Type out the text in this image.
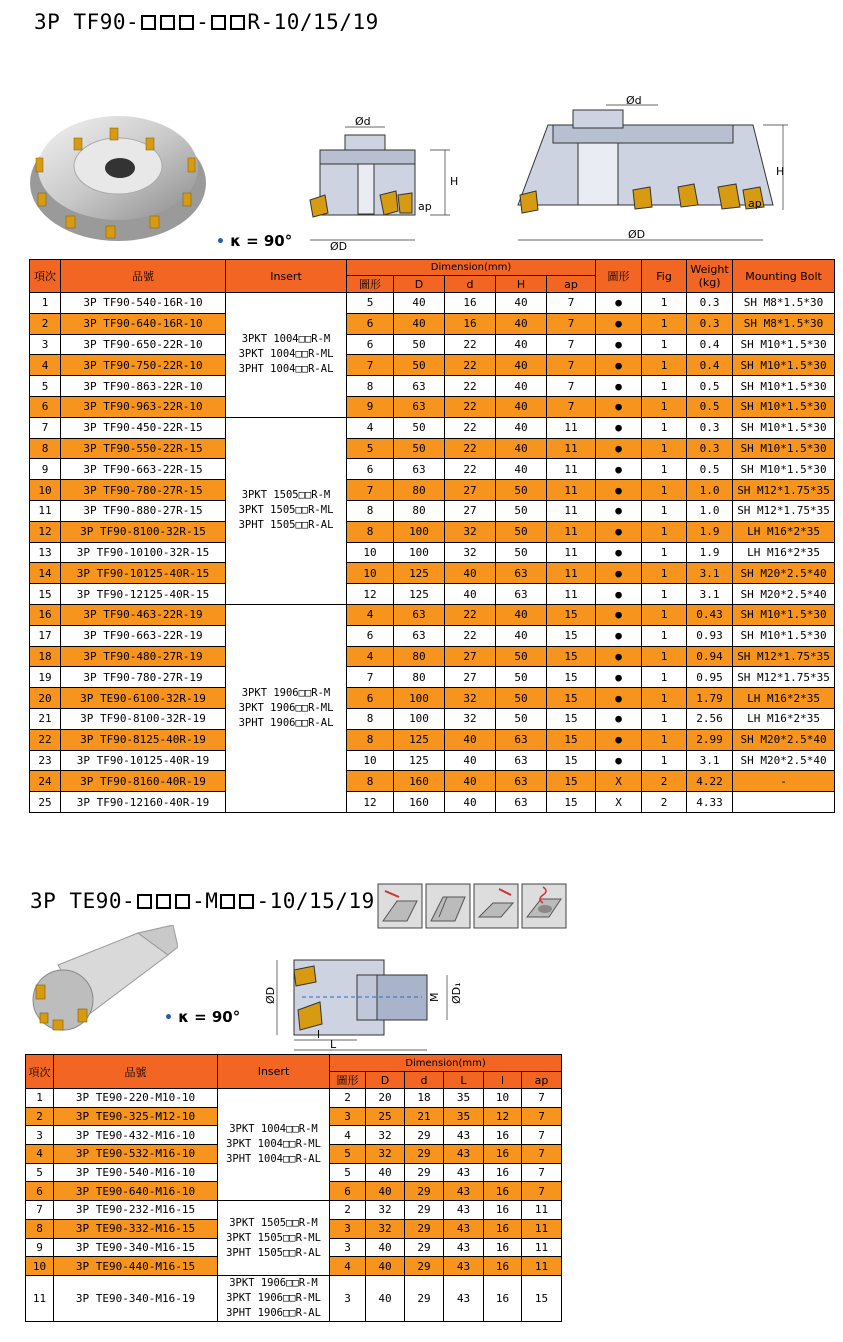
3P TF90-	- R-10/15/19
• κ = 90°
H
Ød
ØD
ap
H
Ød
ØD
ap
項次	品號	Insert	Dimension(mm)					圖形	Fig	Weight
(kg)	Mounting Bolt
			圖形	D	d	H	ap				
1	3P TF90-540-16R-10	3PKT 1004□□R-M
3PKT 1004□□R-ML
3PHT 1004□□R-AL	5	40	16	40	7	●	1	0.3	SH M8*1.5*30
2	3P TF90-640-16R-10		6	40	16	40	7	●	1	0.3	SH M8*1.5*30
3	3P TF90-650-22R-10		6	50	22	40	7	●	1	0.4	SH M10*1.5*30
4	3P TF90-750-22R-10		7	50	22	40	7	●	1	0.4	SH M10*1.5*30
5	3P TF90-863-22R-10		8	63	22	40	7	●	1	0.5	SH M10*1.5*30
6	3P TF90-963-22R-10		9	63	22	40	7	●	1	0.5	SH M10*1.5*30
7	3P TF90-450-22R-15	3PKT 1505□□R-M
3PKT 1505□□R-ML
3PHT 1505□□R-AL	4	50	22	40	11	●	1	0.3	SH M10*1.5*30
8	3P TF90-550-22R-15		5	50	22	40	11	●	1	0.3	SH M10*1.5*30
9	3P TF90-663-22R-15		6	63	22	40	11	●	1	0.5	SH M10*1.5*30
10	3P TF90-780-27R-15		7	80	27	50	11	●	1	1.0	SH M12*1.75*35
11	3P TF90-880-27R-15		8	80	27	50	11	●	1	1.0	SH M12*1.75*35
12	3P TF90-8100-32R-15		8	100	32	50	11	●	1	1.9	LH M16*2*35
13	3P TF90-10100-32R-15		10	100	32	50	11	●	1	1.9	LH M16*2*35
14	3P TF90-10125-40R-15		10	125	40	63	11	●	1	3.1	SH M20*2.5*40
15	3P TF90-12125-40R-15		12	125	40	63	11	●	1	3.1	SH M20*2.5*40
16	3P TF90-463-22R-19	3PKT 1906□□R-M
3PKT 1906□□R-ML
3PHT 1906□□R-AL	4	63	22	40	15	●	1	0.43	SH M10*1.5*30
17	3P TF90-663-22R-19		6	63	22	40	15	●	1	0.93	SH M10*1.5*30
18	3P TF90-480-27R-19		4	80	27	50	15	●	1	0.94	SH M12*1.75*35
19	3P TF90-780-27R-19		7	80	27	50	15	●	1	0.95	SH M12*1.75*35
20	3P TE90-6100-32R-19		6	100	32	50	15	●	1	1.79	LH M16*2*35
21	3P TF90-8100-32R-19		8	100	32	50	15	●	1	2.56	LH M16*2*35
22	3P TF90-8125-40R-19		8	125	40	63	15	●	1	2.99	SH M20*2.5*40
23	3P TF90-10125-40R-19		10	125	40	63	15	●	1	3.1	SH M20*2.5*40
24	3P TF90-8160-40R-19		8	160	40	63	15	X	2	4.22	-
25	3P TF90-12160-40R-19		12	160	40	63	15	X	2	4.33	
3P TE90-	-M -10/15/19
• κ = 90°
ØD	ØD₁
M
l
L
項次	品號	Insert	Dimension(mm)					
			圖形	D	d	L	l	ap
1	3P TE90-220-M10-10	3PKT 1004□□R-M
3PKT 1004□□R-ML
3PHT 1004□□R-AL	2	20	18	35	10	7
2	3P TE90-325-M12-10		3	25	21	35	12	7
3	3P TE90-432-M16-10		4	32	29	43	16	7
4	3P TE90-532-M16-10		5	32	29	43	16	7
5	3P TE90-540-M16-10		5	40	29	43	16	7
6	3P TE90-640-M16-10		6	40	29	43	16	7
7	3P TE90-232-M16-15	3PKT 1505□□R-M
3PKT 1505□□R-ML
3PHT 1505□□R-AL	2	32	29	43	16	11
8	3P TE90-332-M16-15		3	32	29	43	16	11
9	3P TE90-340-M16-15		3	40	29	43	16	11
10	3P TE90-440-M16-15		4	40	29	43	16	11
11	3P TE90-340-M16-19	3PKT 1906□□R-M
3PKT 1906□□R-ML
3PHT 1906□□R-AL	3	40	29	43	16	15
